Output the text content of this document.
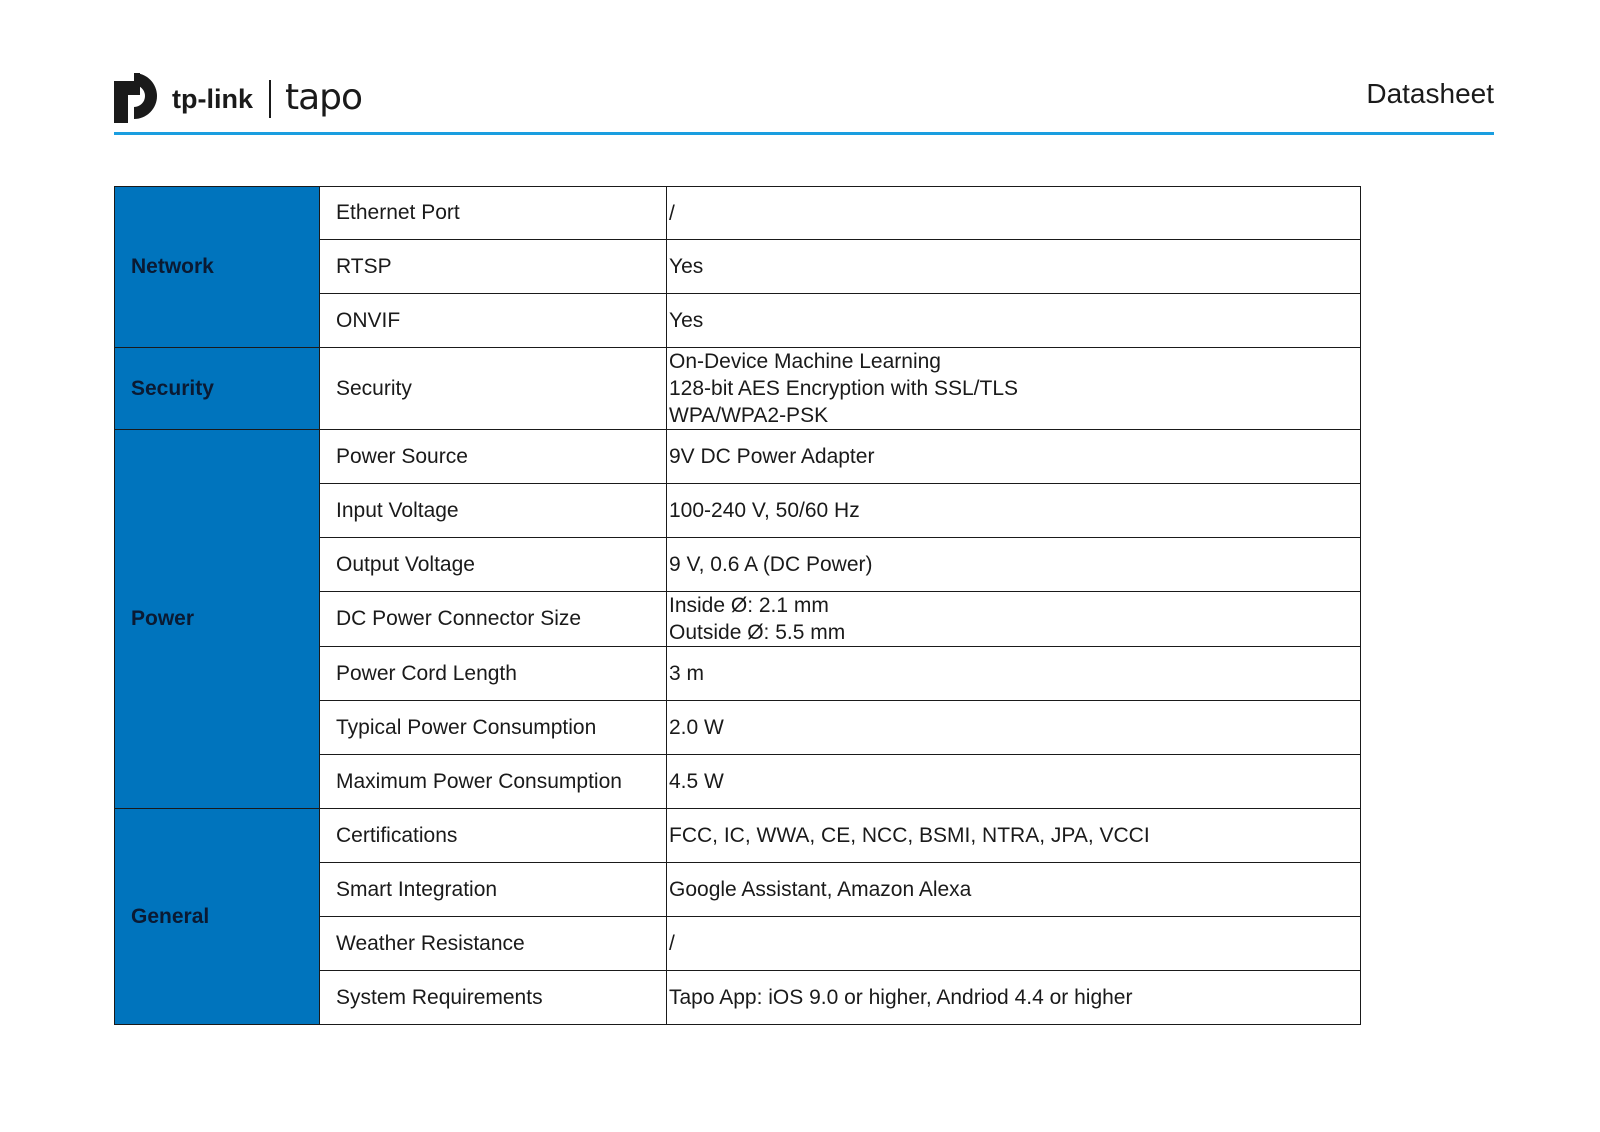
tp-link tapo	Datasheet
Network	Ethernet Port	/

	RTSP	Yes

	ONVIF	Yes

Security	Security	On-Device Machine Learning
128-bit AES Encryption with SSL/TLS
WPA/WPA2-PSK

Power	Power Source	9V DC Power Adapter

	Input Voltage	100-240 V, 50/60 Hz

	Output Voltage	9 V, 0.6 A (DC Power)

	DC Power Connector Size	Inside Ø: 2.1 mm
Outside Ø: 5.5 mm

	Power Cord Length	3 m

	Typical Power Consumption	2.0 W

	Maximum Power Consumption	4.5 W

General	Certifications	FCC, IC, WWA, CE, NCC, BSMI, NTRA, JPA, VCCI

	Smart Integration	Google Assistant, Amazon Alexa

	Weather Resistance	/

	System Requirements	Tapo App: iOS 9.0 or higher, Andriod 4.4 or higher
